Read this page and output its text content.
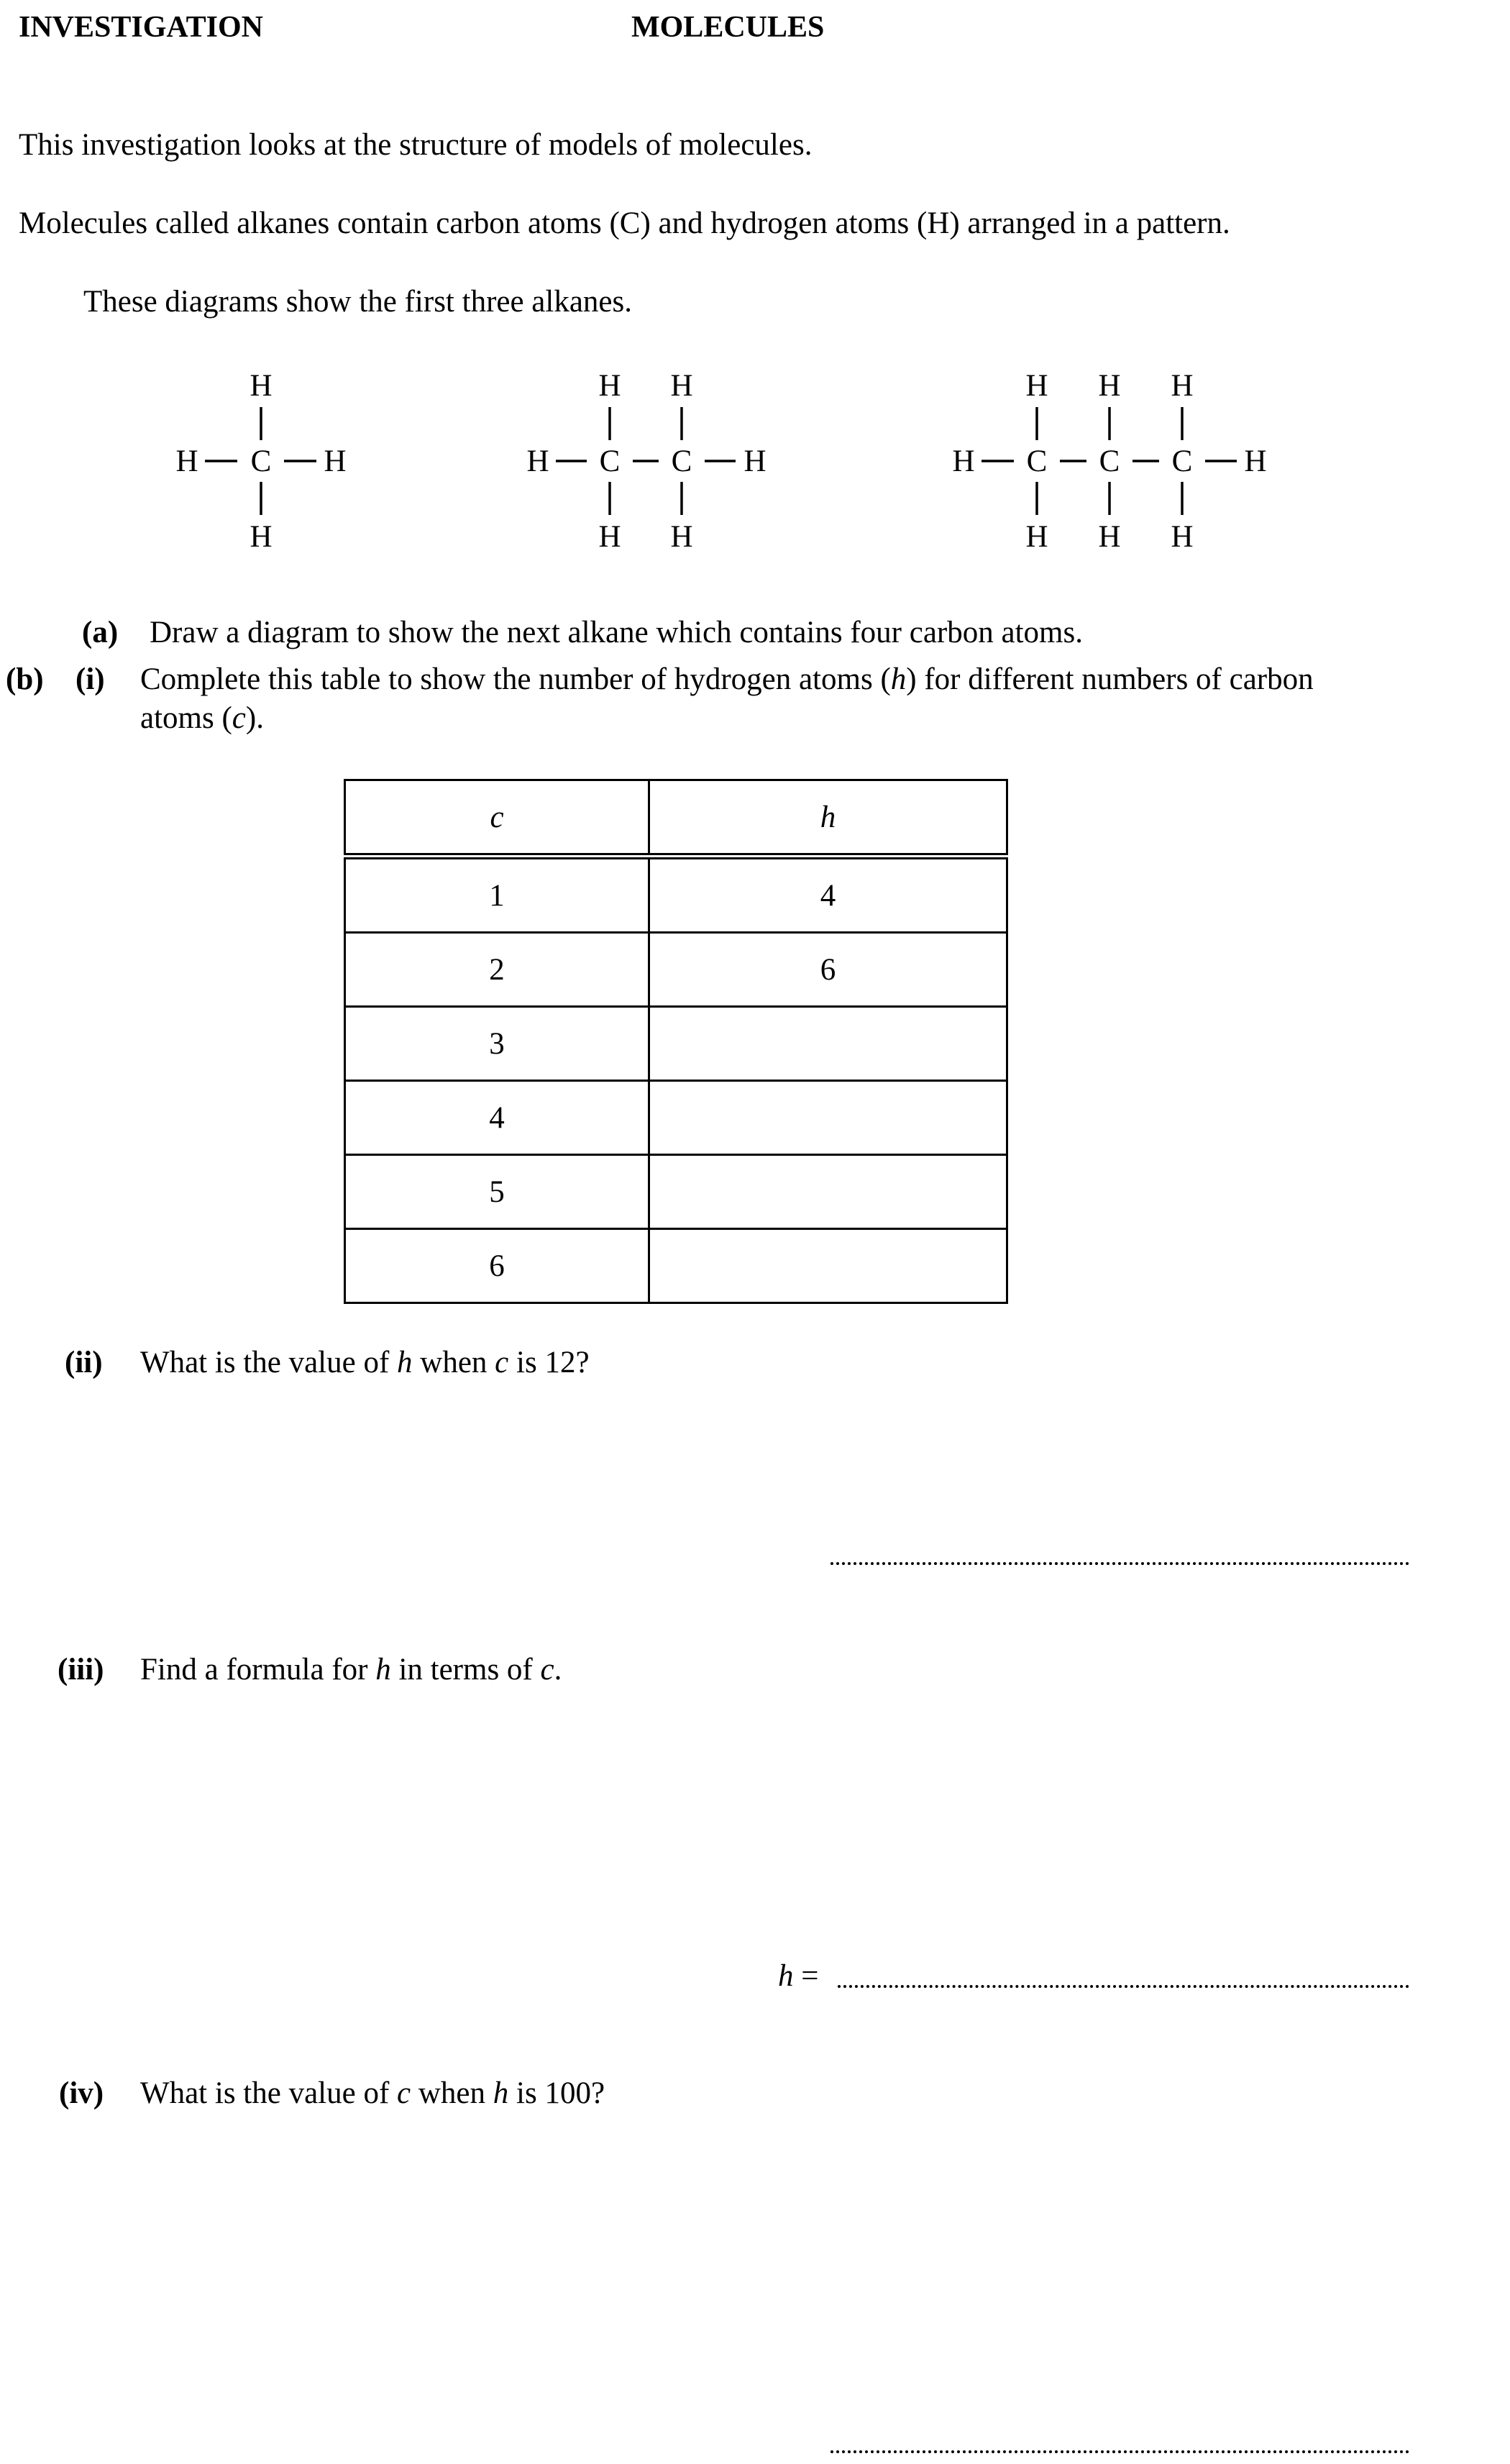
INVESTIGATION	MOLECULES
This investigation looks at the structure of models of molecules.
Molecules called alkanes contain carbon atoms (C) and hydrogen atoms (H) arranged in a pattern.
These diagrams show the first three alkanes.
H
H C H
H
H H
H C C H
H H
H H H
H C C C H
H H H
(a) Draw a diagram to show the next alkane which contains four carbon atoms.
(b) (i) Complete this table to show the number of hydrogen atoms (h) for different numbers of carbon
atoms (c).
c	h
1	4
2	6
3	
4	
5	
6	
(ii) What is the value of h when c is 12?
(iii) Find a formula for h in terms of c.
h =
(iv) What is the value of c when h is 100?
